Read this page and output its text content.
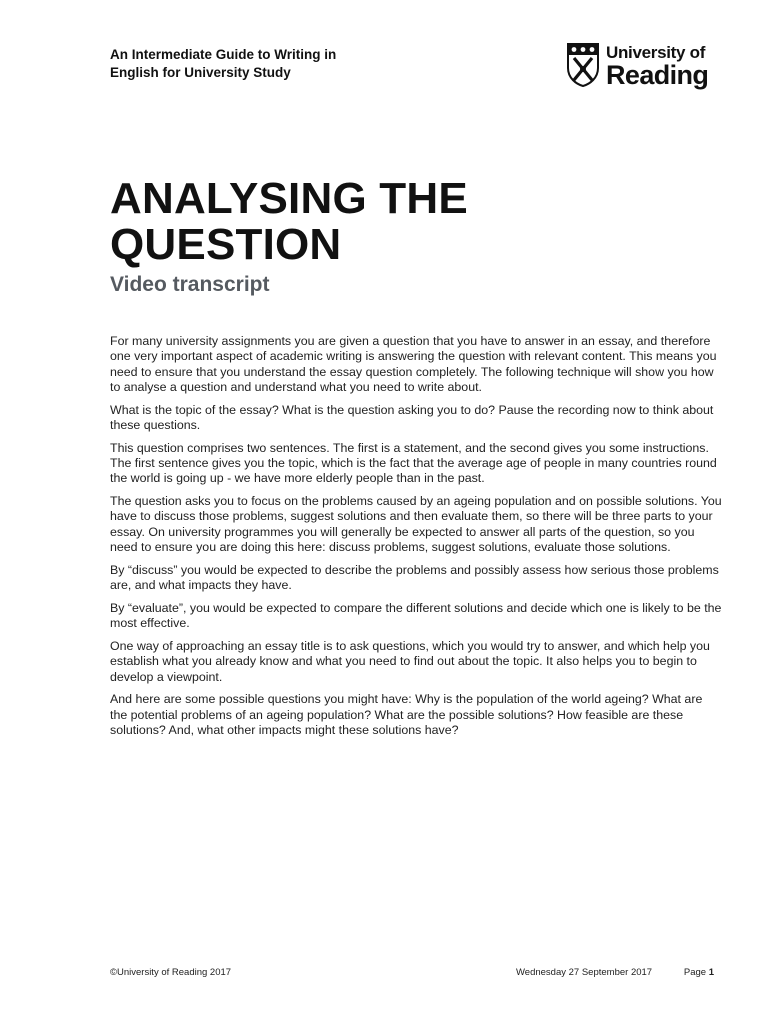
An Intermediate Guide to Writing in
English for University Study
University of
Reading
ANALYSING THE
QUESTION
Video transcript

For many university assignments you are given a question that you have to answer in an essay, and therefore one very important aspect of academic writing is answering the question with relevant content. This means you need to ensure that you understand the essay question completely. The following technique will show you how to analyse a question and understand what you need to write about.

What is the topic of the essay? What is the question asking you to do? Pause the recording now to think about these questions.

This question comprises two sentences. The first is a statement, and the second gives you some instructions. The first sentence gives you the topic, which is the fact that the average age of people in many countries round the world is going up - we have more elderly people than in the past.

The question asks you to focus on the problems caused by an ageing population and on possible solutions. You have to discuss those problems, suggest solutions and then evaluate them, so there will be three parts to your essay. On university programmes you will generally be expected to answer all parts of the question, so you need to ensure you are doing this here: discuss problems, suggest solutions, evaluate those solutions.

By “discuss” you would be expected to describe the problems and possibly assess how serious those problems are, and what impacts they have.

By “evaluate”, you would be expected to compare the different solutions and decide which one is likely to be the most effective.

One way of approaching an essay title is to ask questions, which you would try to answer, and which help you establish what you already know and what you need to find out about the topic. It also helps you to begin to develop a viewpoint.

And here are some possible questions you might have: Why is the population of the world ageing? What are the potential problems of an ageing population? What are the possible solutions? How feasible are these solutions? And, what other impacts might these solutions have?

©University of Reading 2017	Wednesday 27 September 2017	Page 1
